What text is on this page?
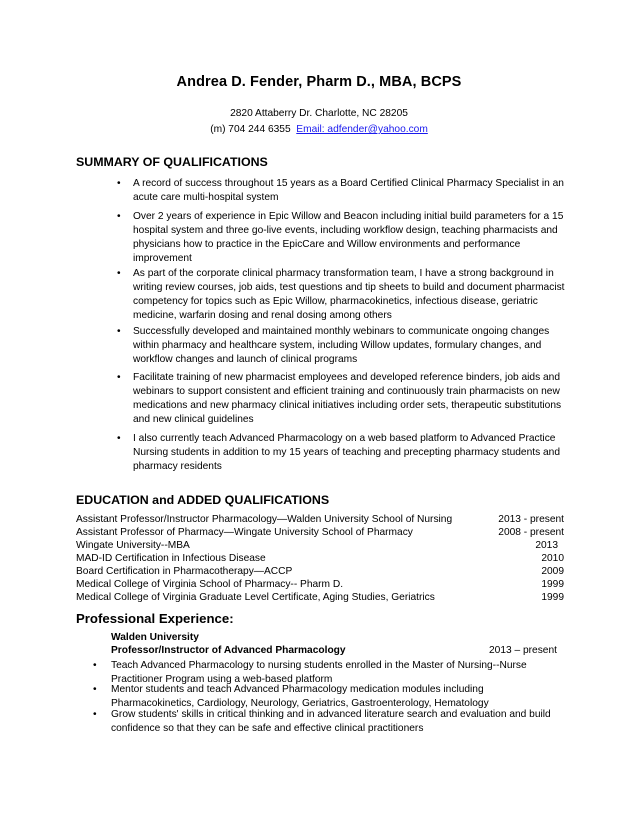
Andrea D. Fender, Pharm D., MBA, BCPS
2820 Attaberry Dr. Charlotte, NC 28205
(m) 704 244 6355 Email: adfender@yahoo.com
SUMMARY OF QUALIFICATIONS
• A record of success throughout 15 years as a Board Certified Clinical Pharmacy Specialist in an acute care multi-hospital system
• Over 2 years of experience in Epic Willow and Beacon including initial build parameters for a 15 hospital system and three go-live events, including workflow design, teaching pharmacists and physicians how to practice in the EpicCare and Willow environments and performance improvement
• As part of the corporate clinical pharmacy transformation team, I have a strong background in writing review courses, job aids, test questions and tip sheets to build and document pharmacist competency for topics such as Epic Willow, pharmacokinetics, infectious disease, geriatric medicine, warfarin dosing and renal dosing among others
• Successfully developed and maintained monthly webinars to communicate ongoing changes within pharmacy and healthcare system, including Willow updates, formulary changes, and workflow changes and launch of clinical programs
• Facilitate training of new pharmacist employees and developed reference binders, job aids and webinars to support consistent and efficient training and continuously train pharmacists on new medications and new pharmacy clinical initiatives including order sets, therapeutic substitutions and new clinical guidelines
• I also currently teach Advanced Pharmacology on a web based platform to Advanced Practice Nursing students in addition to my 15 years of teaching and precepting pharmacy students and pharmacy residents
EDUCATION and ADDED QUALIFICATIONS
Assistant Professor/Instructor Pharmacology—Walden University School of Nursing	2013 - present
Assistant Professor of Pharmacy—Wingate University School of Pharmacy	2008 - present
Wingate University--MBA	2013
MAD-ID Certification in Infectious Disease	2010
Board Certification in Pharmacotherapy—ACCP	2009
Medical College of Virginia School of Pharmacy-- Pharm D.	1999
Medical College of Virginia Graduate Level Certificate, Aging Studies, Geriatrics	1999
Professional Experience:
Walden University
Professor/Instructor of Advanced Pharmacology	2013 – present
• Teach Advanced Pharmacology to nursing students enrolled in the Master of Nursing--Nurse Practitioner Program using a web-based platform
• Mentor students and teach Advanced Pharmacology medication modules including Pharmacokinetics, Cardiology, Neurology, Geriatrics, Gastroenterology, Hematology
• Grow students' skills in critical thinking and in advanced literature search and evaluation and build confidence so that they can be safe and effective clinical practitioners
